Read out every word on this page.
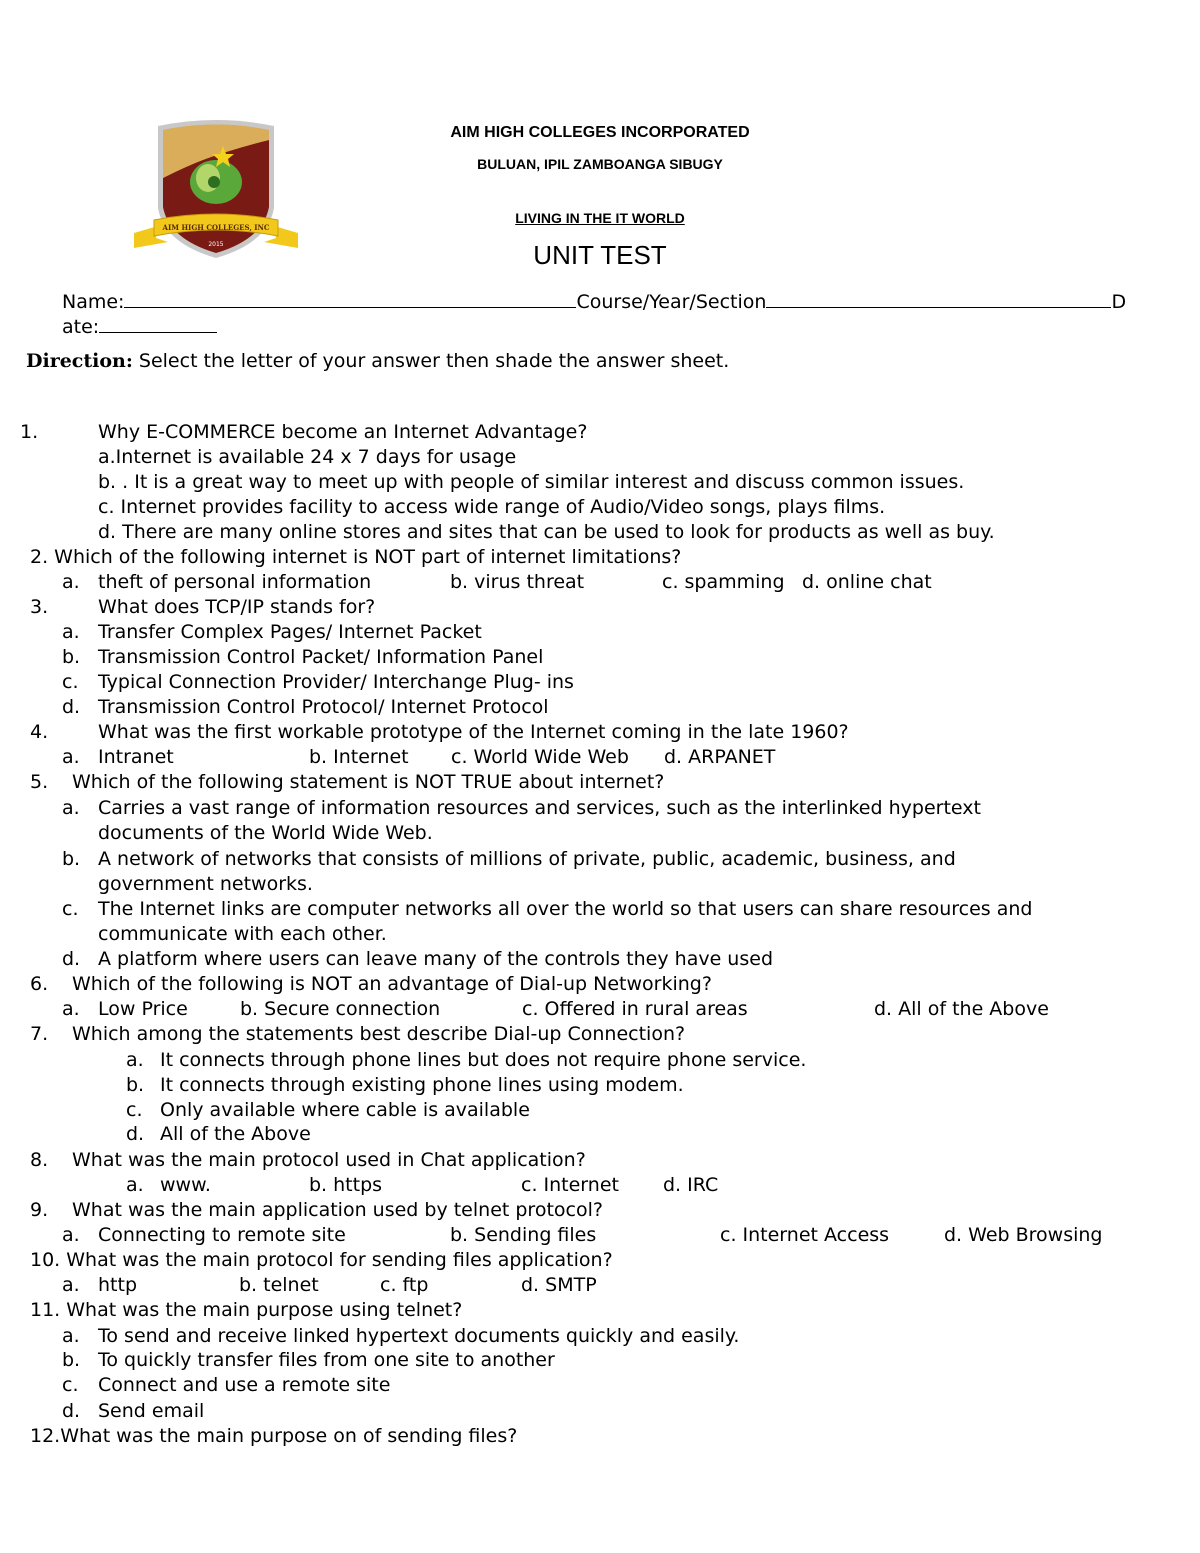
AIM HIGH COLLEGES, INC
2015
AIM HIGH COLLEGES INCORPORATED
BULUAN, IPIL ZAMBOANGA SIBUGY
LIVING IN THE IT WORLD
UNIT TEST
Name:	Course/Year/Section	D
ate:
Direction: Select the letter of your answer then shade the answer sheet.
1.	Why E-COMMERCE become an Internet Advantage?
a.Internet is available 24 x 7 days for usage
b. . It is a great way to meet up with people of similar interest and discuss common issues.
c. Internet provides facility to access wide range of Audio/Video songs, plays films.
d. There are many online stores and sites that can be used to look for products as well as buy.
2. Which of the following internet is NOT part of internet limitations?
a. theft of personal information	b. virus threat	c. spamming d. online chat
3.	What does TCP/IP stands for?
a. Transfer Complex Pages/ Internet Packet
b. Transmission Control Packet/ Information Panel
c. Typical Connection Provider/ Interchange Plug- ins
d. Transmission Control Protocol/ Internet Protocol
4.	What was the first workable prototype of the Internet coming in the late 1960?
a. Intranet	b. Internet c. World Wide Web d. ARPANET
5. Which of the following statement is NOT TRUE about internet?
a. Carries a vast range of information resources and services, such as the interlinked hypertext
documents of the World Wide Web.
b. A network of networks that consists of millions of private, public, academic, business, and
government networks.
c. The Internet links are computer networks all over the world so that users can share resources and
communicate with each other.
d. A platform where users can leave many of the controls they have used
6. Which of the following is NOT an advantage of Dial-up Networking?
a. Low Price	b. Secure connection	c. Offered in rural areas	d. All of the Above
7. Which among the statements best describe Dial-up Connection?
a. It connects through phone lines but does not require phone service.
b. It connects through existing phone lines using modem.
c. Only available where cable is available
d. All of the Above
8. What was the main protocol used in Chat application?
a. www.	b. https	c. Internet d. IRC
9. What was the main application used by telnet protocol?
a. Connecting to remote site	b. Sending files	c. Internet Access	d. Web Browsing
10. What was the main protocol for sending files application?
a. http	b. telnet	c. ftp	d. SMTP
11. What was the main purpose using telnet?
a. To send and receive linked hypertext documents quickly and easily.
b. To quickly transfer files from one site to another
c. Connect and use a remote site
d. Send email
12.What was the main purpose on of sending files?
